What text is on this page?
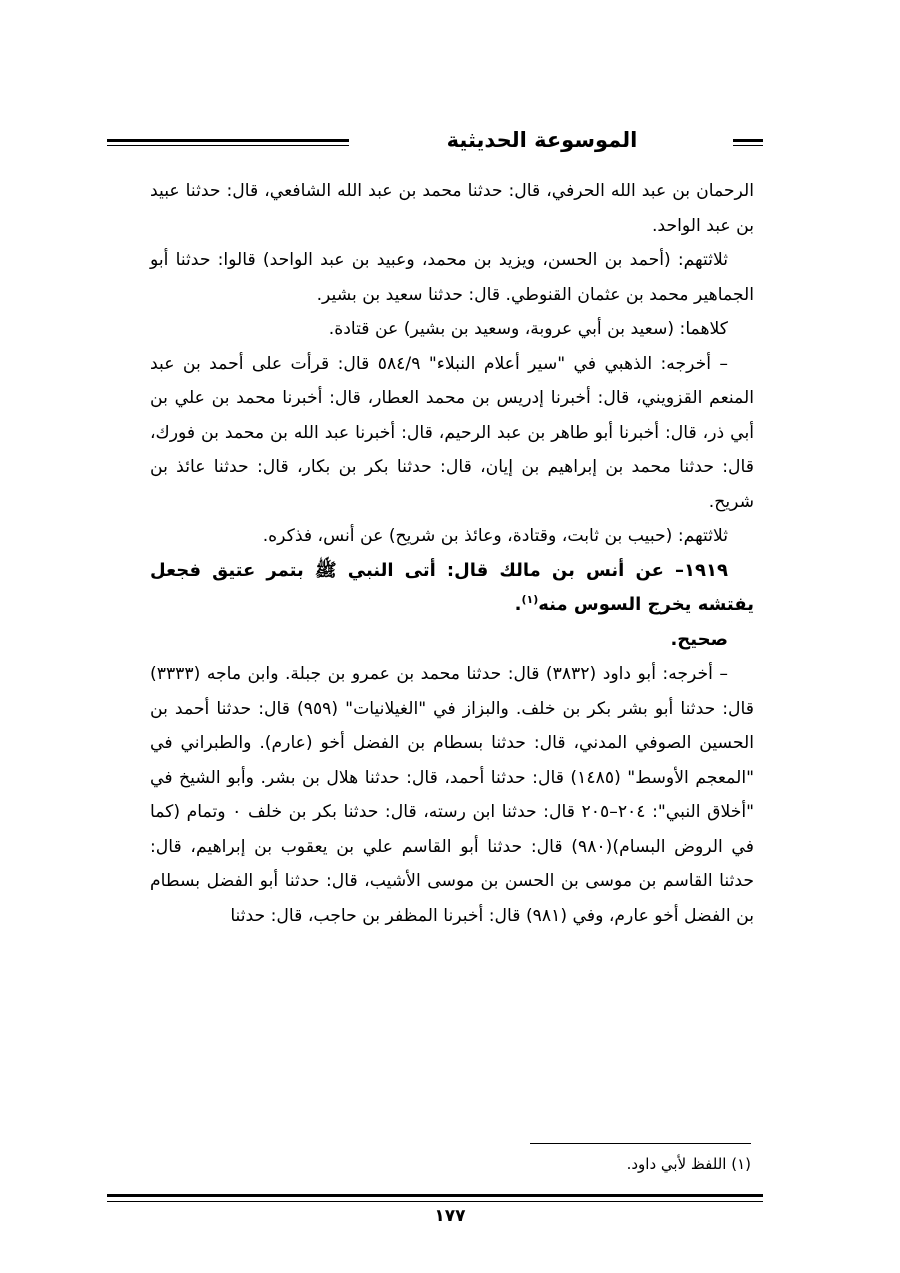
الموسوعة الحديثية

الرحمان بن عبد الله الحرفي، قال: حدثنا محمد بن عبد الله الشافعي، قال: حدثنا عبيد بن عبد الواحد.

ثلاثتهم: (أحمد بن الحسن، ويزيد بن محمد، وعبيد بن عبد الواحد) قالوا: حدثنا أبو الجماهير محمد بن عثمان القنوطي. قال: حدثنا سعيد بن بشير.

كلاهما: (سعيد بن أبي عروبة، وسعيد بن بشير) عن قتادة.

– أخرجه: الذهبي في "سير أعلام النبلاء" ٥٨٤/٩ قال: قرأت على أحمد بن عبد المنعم القزويني، قال: أخبرنا إدريس بن محمد العطار، قال: أخبرنا محمد بن علي بن أبي ذر، قال: أخبرنا أبو طاهر بن عبد الرحيم، قال: أخبرنا عبد الله بن محمد بن فورك، قال: حدثنا محمد بن إبراهيم بن إيان، قال: حدثنا بكر بن بكار، قال: حدثنا عائذ بن شريح.

ثلاثتهم: (حبيب بن ثابت، وقتادة، وعائذ بن شريح) عن أنس، فذكره.

١٩١٩– عن أنس بن مالك قال: أتى النبي ﷺ بتمر عتيق فجعل يفتشه يخرج السوس منه$^{(١)}$.

صحيح.

– أخرجه: أبو داود (٣٨٣٢) قال: حدثنا محمد بن عمرو بن جبلة. وابن ماجه (٣٣٣٣) قال: حدثنا أبو بشر بكر بن خلف. والبزاز في "الغيلانيات" (٩٥٩) قال: حدثنا أحمد بن الحسين الصوفي المدني، قال: حدثنا بسطام بن الفضل أخو (عارم). والطبراني في "المعجم الأوسط" (١٤٨٥) قال: حدثنا أحمد، قال: حدثنا هلال بن بشر. وأبو الشيخ في "أخلاق النبي": ٢٠٤–٢٠٥ قال: حدثنا ابن رسته، قال: حدثنا بكر بن خلف ٠ وتمام (كما في الروض البسام)(٩٨٠) قال: حدثنا أبو القاسم علي بن يعقوب بن إبراهيم، قال: حدثنا القاسم بن موسى بن الحسن بن موسى الأشيب، قال: حدثنا أبو الفضل بسطام بن الفضل أخو عارم، وفي (٩٨١) قال: أخبرنا المظفر بن حاجب، قال: حدثنا

(١) اللفظ لأبي داود.
١٧٧
